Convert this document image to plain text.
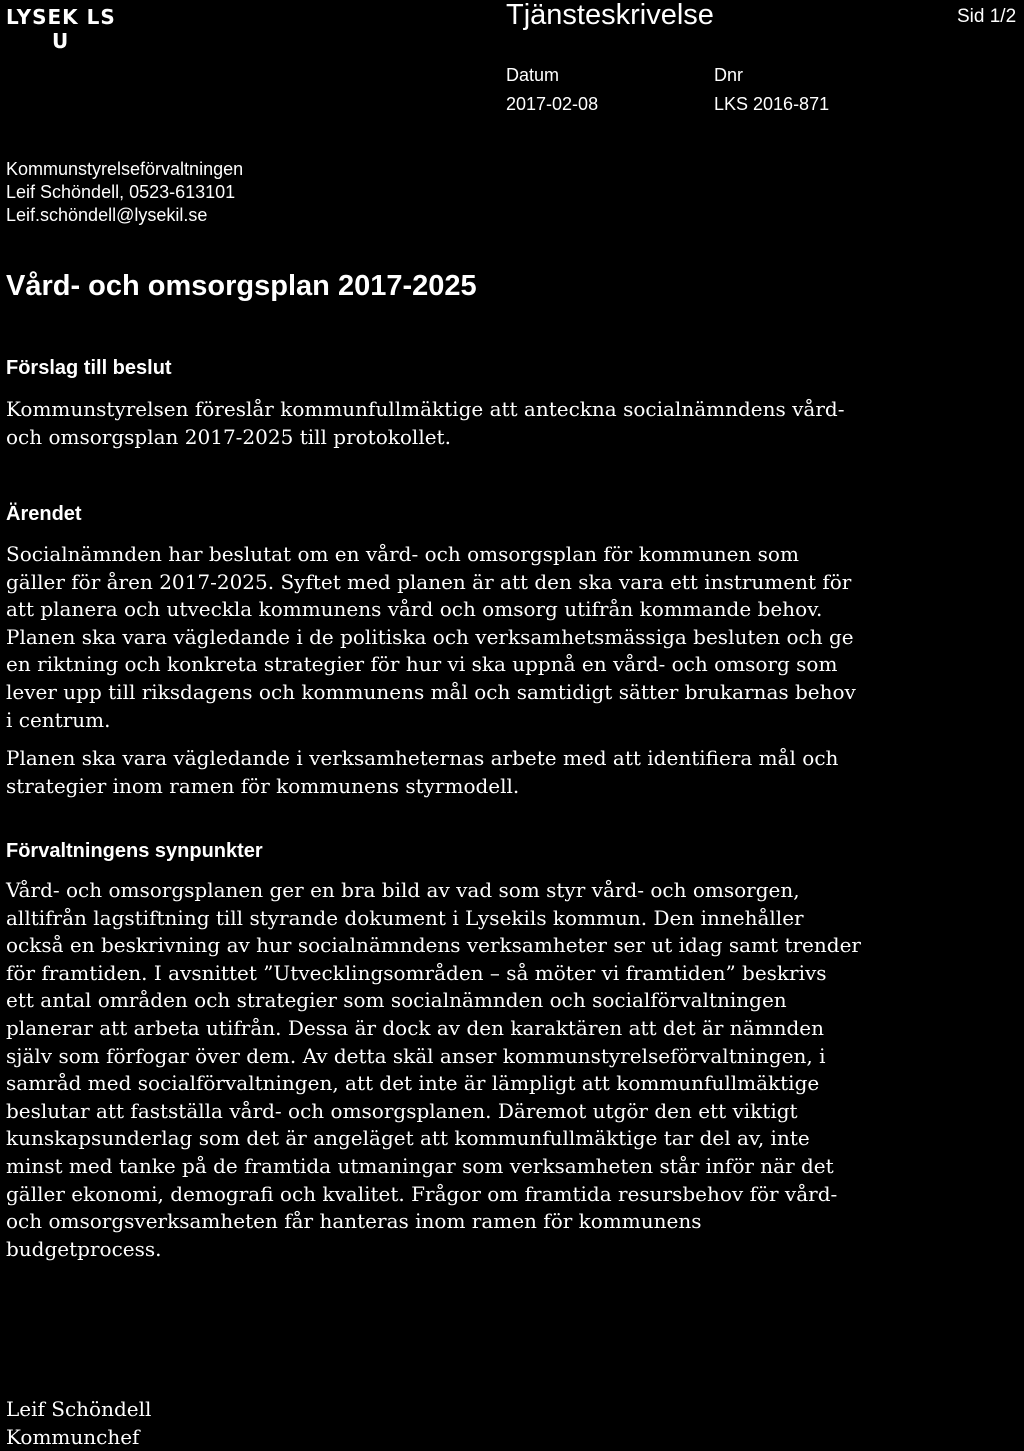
LYSEK LS
U
Tjänsteskrivelse	Sid 1/2
Datum	Dnr
2017-02-08	LKS 2016-871
Kommunstyrelseförvaltningen
Leif Schöndell, 0523-613101
Leif.schöndell@lysekil.se
Vård- och omsorgsplan 2017-2025
Förslag till beslut
Kommunstyrelsen föreslår kommunfullmäktige att anteckna socialnämndens vård-
och omsorgsplan 2017-2025 till protokollet.
Ärendet
Socialnämnden har beslutat om en vård- och omsorgsplan för kommunen som
gäller för åren 2017-2025. Syftet med planen är att den ska vara ett instrument för
att planera och utveckla kommunens vård och omsorg utifrån kommande behov.
Planen ska vara vägledande i de politiska och verksamhetsmässiga besluten och ge
en riktning och konkreta strategier för hur vi ska uppnå en vård- och omsorg som
lever upp till riksdagens och kommunens mål och samtidigt sätter brukarnas behov
i centrum.
Planen ska vara vägledande i verksamheternas arbete med att identifiera mål och
strategier inom ramen för kommunens styrmodell.
Förvaltningens synpunkter
Vård- och omsorgsplanen ger en bra bild av vad som styr vård- och omsorgen,
alltifrån lagstiftning till styrande dokument i Lysekils kommun. Den innehåller
också en beskrivning av hur socialnämndens verksamheter ser ut idag samt trender
för framtiden. I avsnittet ”Utvecklingsområden – så möter vi framtiden” beskrivs
ett antal områden och strategier som socialnämnden och socialförvaltningen
planerar att arbeta utifrån. Dessa är dock av den karaktären att det är nämnden
själv som förfogar över dem. Av detta skäl anser kommunstyrelseförvaltningen, i
samråd med socialförvaltningen, att det inte är lämpligt att kommunfullmäktige
beslutar att fastställa vård- och omsorgsplanen. Däremot utgör den ett viktigt
kunskapsunderlag som det är angeläget att kommunfullmäktige tar del av, inte
minst med tanke på de framtida utmaningar som verksamheten står inför när det
gäller ekonomi, demografi och kvalitet. Frågor om framtida resursbehov för vård-
och omsorgsverksamheten får hanteras inom ramen för kommunens
budgetprocess.
Leif Schöndell
Kommunchef
